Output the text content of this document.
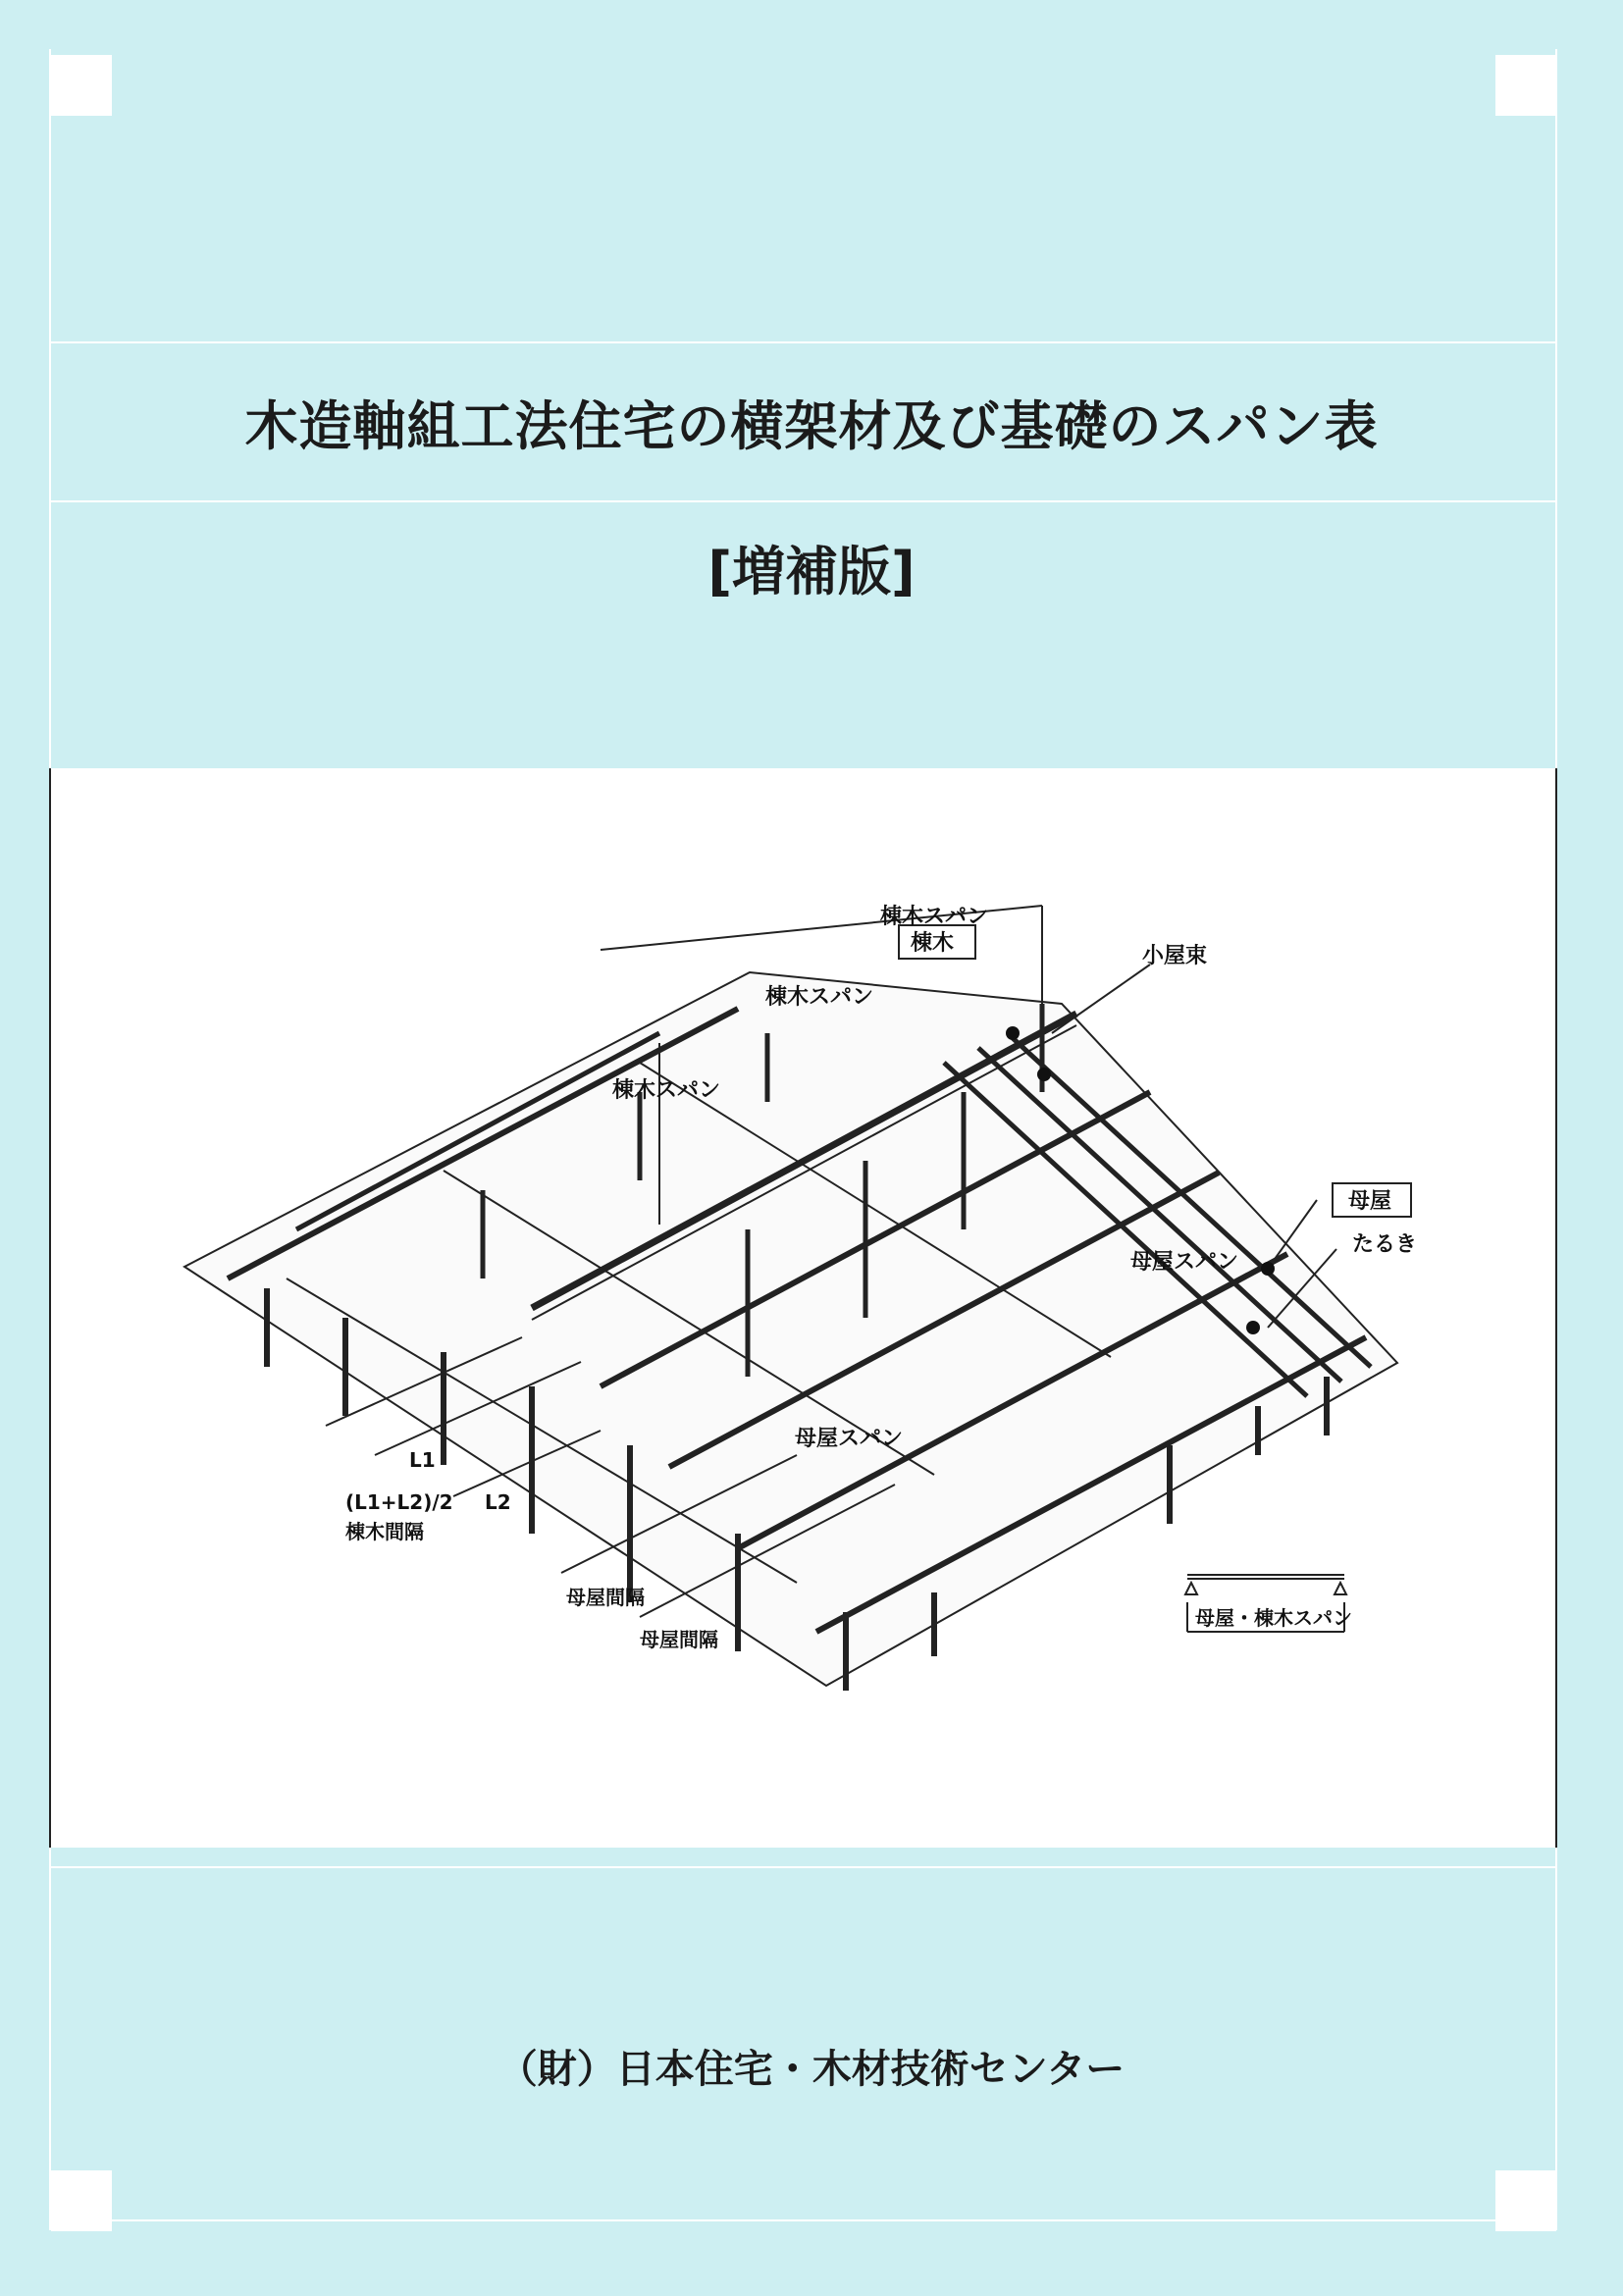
木造軸組工法住宅の横架材及び基礎のスパン表
[増補版]
棟木スパン
棟木スパン
棟木スパン
棟木
小屋束
母屋
たるき
母屋スパン
母屋スパン
L1
L2
(L1+L2)/2
棟木間隔
母屋間隔
母屋間隔
母屋・棟木スパン
（財）日本住宅・木材技術センター
